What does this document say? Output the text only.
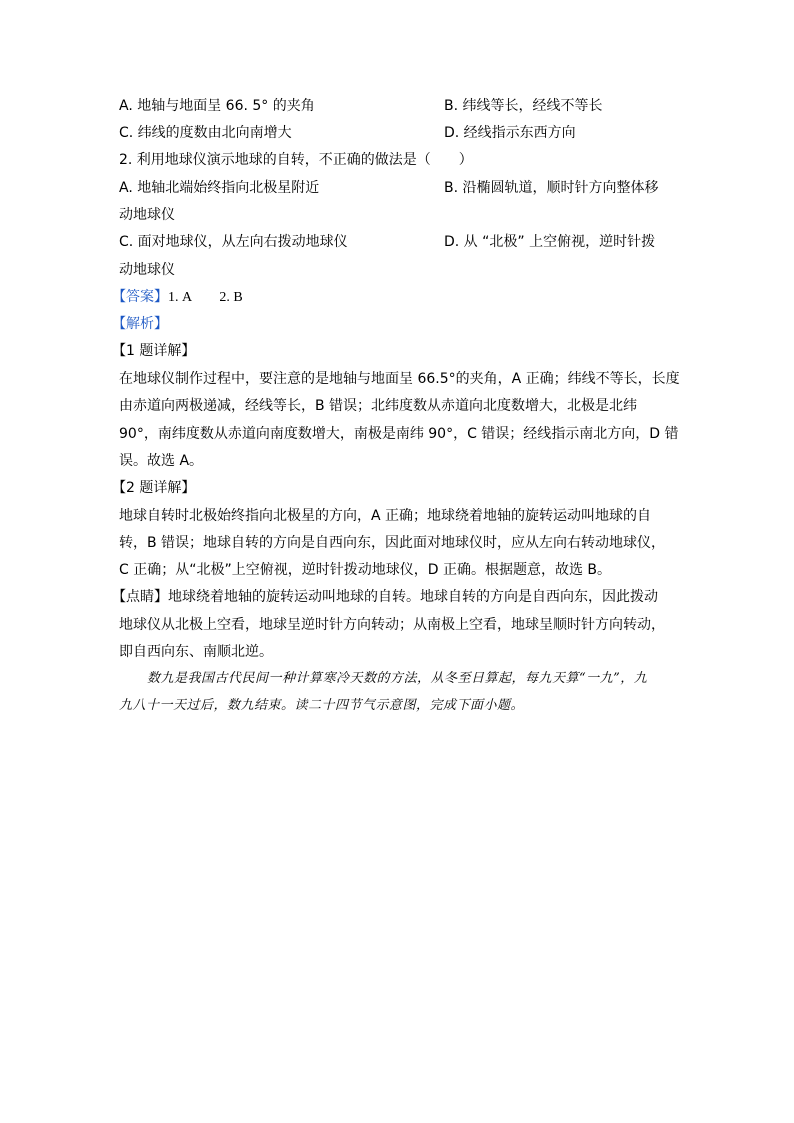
A. 地轴与地面呈 66. 5° 的夹角	B. 纬线等长，经线不等长
C. 纬线的度数由北向南增大	D. 经线指示东西方向
2. 利用地球仪演示地球的自转，不正确的做法是（　　）
A. 地轴北端始终指向北极星附近	B. 沿椭圆轨道，顺时针方向整体移
动地球仪
C. 面对地球仪，从左向右拨动地球仪	D. 从 “北极” 上空俯视，逆时针拨
动地球仪
【答案】1. A　　2. B
【解析】
【1 题详解】
在地球仪制作过程中，要注意的是地轴与地面呈 66.5°的夹角，A 正确；纬线不等长，长度
由赤道向两极递减，经线等长，B 错误；北纬度数从赤道向北度数增大，北极是北纬
90°，南纬度数从赤道向南度数增大，南极是南纬 90°，C 错误；经线指示南北方向，D 错
误。故选 A。
【2 题详解】
地球自转时北极始终指向北极星的方向，A 正确；地球绕着地轴的旋转运动叫地球的自
转，B 错误；地球自转的方向是自西向东，因此面对地球仪时，应从左向右转动地球仪，
C 正确；从“北极”上空俯视，逆时针拨动地球仪，D 正确。根据题意，故选 B。
【点睛】地球绕着地轴的旋转运动叫地球的自转。地球自转的方向是自西向东，因此拨动
地球仪从北极上空看，地球呈逆时针方向转动；从南极上空看，地球呈顺时针方向转动，
即自西向东、南顺北逆。
数九是我国古代民间一种计算寒冷天数的方法，从冬至日算起，每九天算“一九”，九
九八十一天过后，数九结束。读二十四节气示意图，完成下面小题。
